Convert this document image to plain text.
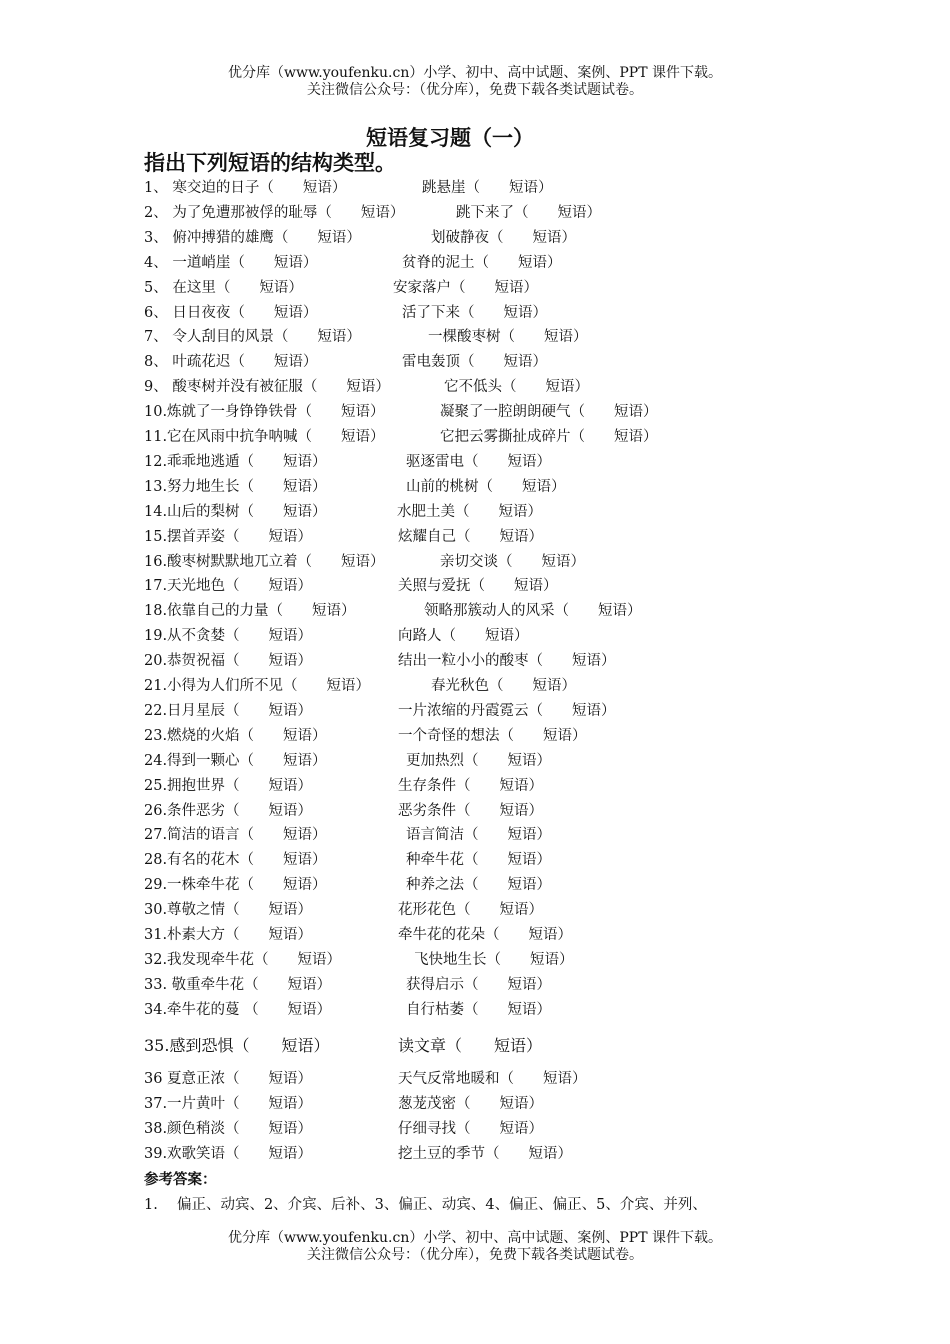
优分库（www.youfenku.cn）小学、初中、高中试题、案例、PPT 课件下载。
关注微信公众号：（优分库），免费下载各类试题试卷。
短语复习题（一）
指出下列短语的结构类型。
1、 寒交迫的日子（　　短语）	跳悬崖（　　短语）
2、 为了免遭那被俘的耻辱（　　短语）	跳下来了（　　短语）
3、 俯冲搏猎的雄鹰（　　短语）	划破静夜（　　短语）
4、 一道峭崖（　　短语）	贫脊的泥土（　　短语）
5、 在这里（　　短语）	安家落户（　　短语）
6、 日日夜夜（　　短语）	活了下来（　　短语）
7、 令人刮目的风景（　　短语）	一棵酸枣树（　　短语）
8、 叶疏花迟（　　短语）	雷电轰顶（　　短语）
9、 酸枣树并没有被征服（　　短语）	它不低头（　　短语）
10.炼就了一身铮铮铁骨（　　短语）	凝聚了一腔朗朗硬气（　　短语）
11.它在风雨中抗争呐喊（　　短语）	它把云雾撕扯成碎片（　　短语）
12.乖乖地逃遁（　　短语）	驱逐雷电（　　短语）
13.努力地生长（　　短语）	山前的桃树（　　短语）
14.山后的梨树（　　短语）	水肥土美（　　短语）
15.摆首弄姿（　　短语）	炫耀自己（　　短语）
16.酸枣树默默地兀立着（　　短语）	亲切交谈（　　短语）
17.天光地色（　　短语）	关照与爱抚（　　短语）
18.依靠自己的力量（　　短语）	领略那簇动人的风采（　　短语）
19.从不贪婪（　　短语）	向路人（　　短语）
20.恭贺祝福（　　短语）	结出一粒小小的酸枣（　　短语）
21.小得为人们所不见（　　短语）	春光秋色（　　短语）
22.日月星辰（　　短语）	一片浓缩的丹霞霓云（　　短语）
23.燃烧的火焰（　　短语）	一个奇怪的想法（　　短语）
24.得到一颗心（　　短语）	更加热烈（　　短语）
25.拥抱世界（　　短语）	生存条件（　　短语）
26.条件恶劣（　　短语）	恶劣条件（　　短语）
27.简洁的语言（　　短语）	语言简洁（　　短语）
28.有名的花木（　　短语）	种牵牛花（　　短语）
29.一株牵牛花（　　短语）	种养之法（　　短语）
30.尊敬之情（　　短语）	花形花色（　　短语）
31.朴素大方（　　短语）	牵牛花的花朵（　　短语）
32.我发现牵牛花（　　短语）	飞快地生长（　　短语）
33. 敬重牵牛花（　　短语）	获得启示（　　短语）
34.牵牛花的蔓 （　　短语）	自行枯萎（　　短语）
35.感到恐惧（　　短语）	读文章（　　短语）
36 夏意正浓（　　短语）	天气反常地暖和（　　短语）
37.一片黄叶（　　短语）	葱茏茂密（　　短语）
38.颜色稍淡（　　短语）	仔细寻找（　　短语）
39.欢歌笑语（　　短语）	挖土豆的季节（　　短语）
参考答案：
1.　 偏正、动宾、2、介宾、后补、3、偏正、动宾、4、偏正、偏正、5、介宾、并列、
优分库（www.youfenku.cn）小学、初中、高中试题、案例、PPT 课件下载。
关注微信公众号：（优分库），免费下载各类试题试卷。
